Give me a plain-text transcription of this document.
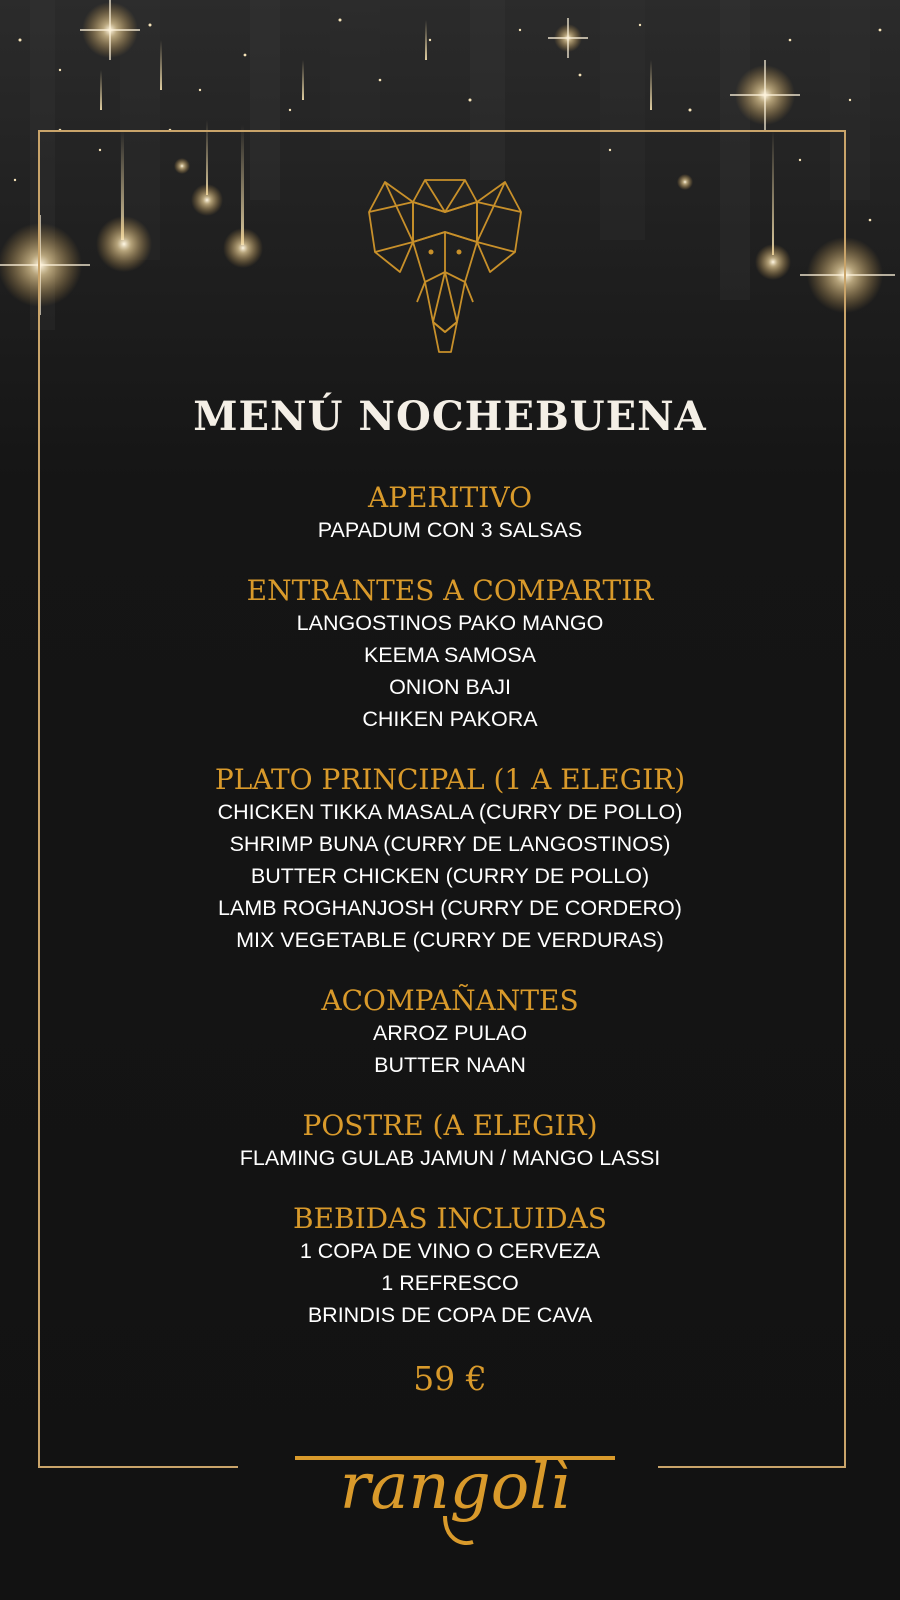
MENÚ NOCHEBUENA

APERITIVO

PAPADUM CON 3 SALSAS

ENTRANTES A COMPARTIR

LANGOSTINOS PAKO MANGO

KEEMA SAMOSA

ONION BAJI

CHIKEN PAKORA

PLATO PRINCIPAL (1 A ELEGIR)

CHICKEN TIKKA MASALA (CURRY DE POLLO)

SHRIMP BUNA (CURRY DE LANGOSTINOS)

BUTTER CHICKEN (CURRY DE POLLO)

LAMB ROGHANJOSH (CURRY DE CORDERO)

MIX VEGETABLE (CURRY DE VERDURAS)

ACOMPAÑANTES

ARROZ PULAO

BUTTER NAAN

POSTRE (A ELEGIR)

FLAMING GULAB JAMUN / MANGO LASSI

BEBIDAS INCLUIDAS

1 COPA DE VINO O CERVEZA

1 REFRESCO

BRINDIS DE COPA DE CAVA

59 €
rangolì
